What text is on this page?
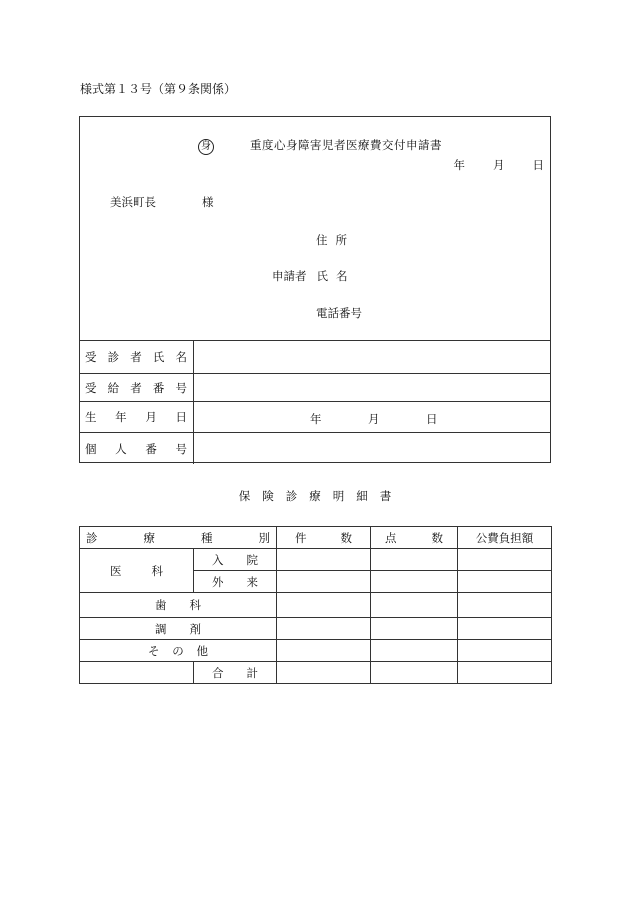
様式第１３号（第９条関係）
身	重度心身障害児者医療費交付申請書
年 月 日
美浜町長	様
住所
申請者 氏名
電話番号
受 診 者 氏 名
受 給 者 番 号
生 年 月 日	年	月	日
個 人 番 号
保 険 診 療 明 細 書
診 療 種 別		件 数	点 数	公費負担額

医 科	入 院			

	外 来			

歯 科				

調 剤				

そ の 他				

	合 計			
